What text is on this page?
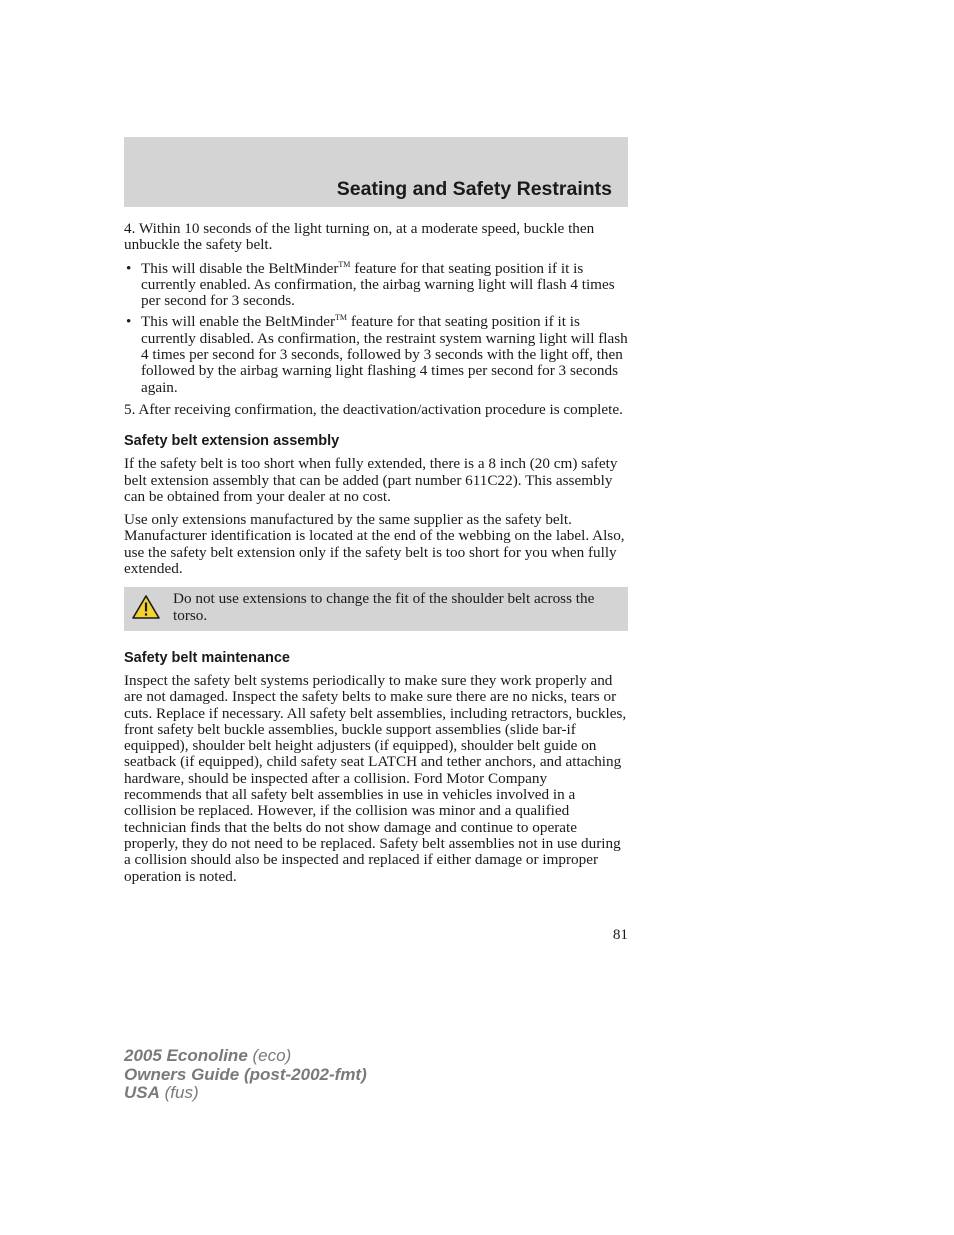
Seating and Safety Restraints

4. Within 10 seconds of the light turning on, at a moderate speed, buckle then unbuckle the safety belt.

• This will disable the BeltMinder™ feature for that seating position if it is currently enabled. As confirmation, the airbag warning light will flash 4 times per second for 3 seconds.
• This will enable the BeltMinder™ feature for that seating position if it is currently disabled. As confirmation, the restraint system warning light will flash 4 times per second for 3 seconds, followed by 3 seconds with the light off, then followed by the airbag warning light flashing 4 times per second for 3 seconds again.

5. After receiving confirmation, the deactivation/activation procedure is complete.

Safety belt extension assembly

If the safety belt is too short when fully extended, there is a 8 inch (20 cm) safety belt extension assembly that can be added (part number 611C22). This assembly can be obtained from your dealer at no cost.

Use only extensions manufactured by the same supplier as the safety belt. Manufacturer identification is located at the end of the webbing on the label. Also, use the safety belt extension only if the safety belt is too short for you when fully extended.

Do not use extensions to change the fit of the shoulder belt across the torso.
Safety belt maintenance

Inspect the safety belt systems periodically to make sure they work properly and are not damaged. Inspect the safety belts to make sure there are no nicks, tears or cuts. Replace if necessary. All safety belt assemblies, including retractors, buckles, front safety belt buckle assemblies, buckle support assemblies (slide bar-if equipped), shoulder belt height adjusters (if equipped), shoulder belt guide on seatback (if equipped), child safety seat LATCH and tether anchors, and attaching hardware, should be inspected after a collision. Ford Motor Company recommends that all safety belt assemblies in use in vehicles involved in a collision be replaced. However, if the collision was minor and a qualified technician finds that the belts do not show damage and continue to operate properly, they do not need to be replaced. Safety belt assemblies not in use during a collision should also be inspected and replaced if either damage or improper operation is noted.

81
2005 Econoline (eco)
Owners Guide (post-2002-fmt)
USA (fus)
